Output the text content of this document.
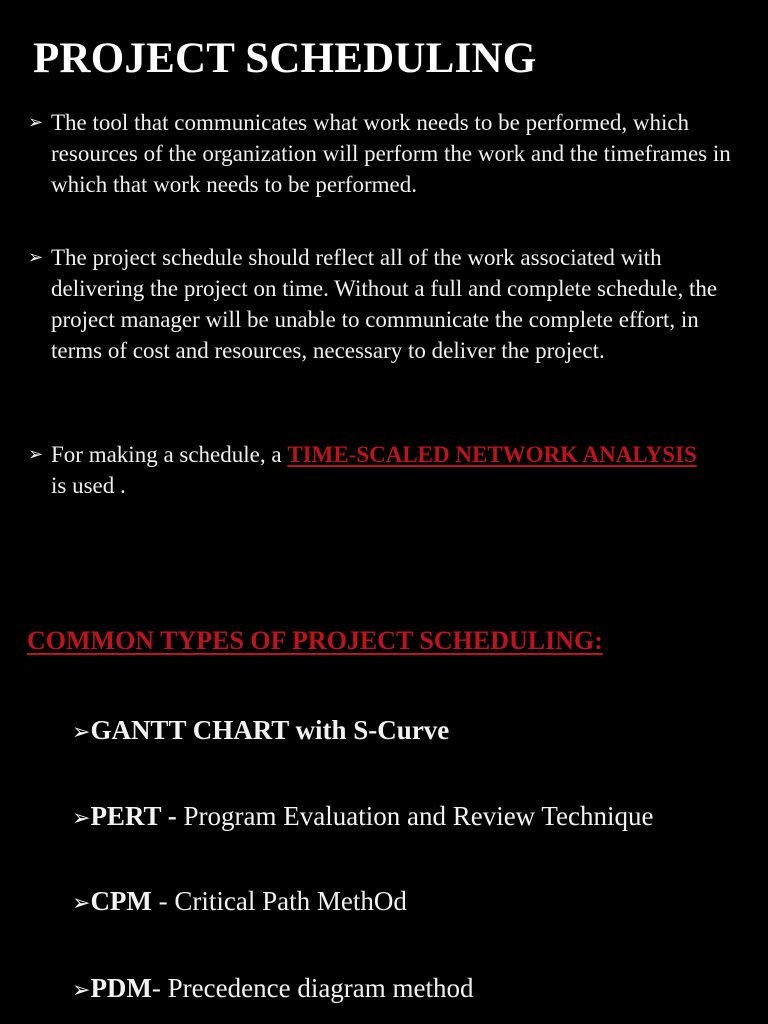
PROJECT SCHEDULING
➢ The tool that communicates what work needs to be performed, which resources of the organization will perform the work and the timeframes in which that work needs to be performed.
➢ The project schedule should reflect all of the work associated with delivering the project on time. Without a full and complete schedule, the project manager will be unable to communicate the complete effort, in terms of cost and resources, necessary to deliver the project.
➢ For making a schedule, a TIME-SCALED NETWORK ANALYSIS
is used .
COMMON TYPES OF PROJECT SCHEDULING:
➢GANTT CHART with S-Curve
➢PERT - Program Evaluation and Review Technique
➢CPM - Critical Path MethOd
➢PDM- Precedence diagram method
